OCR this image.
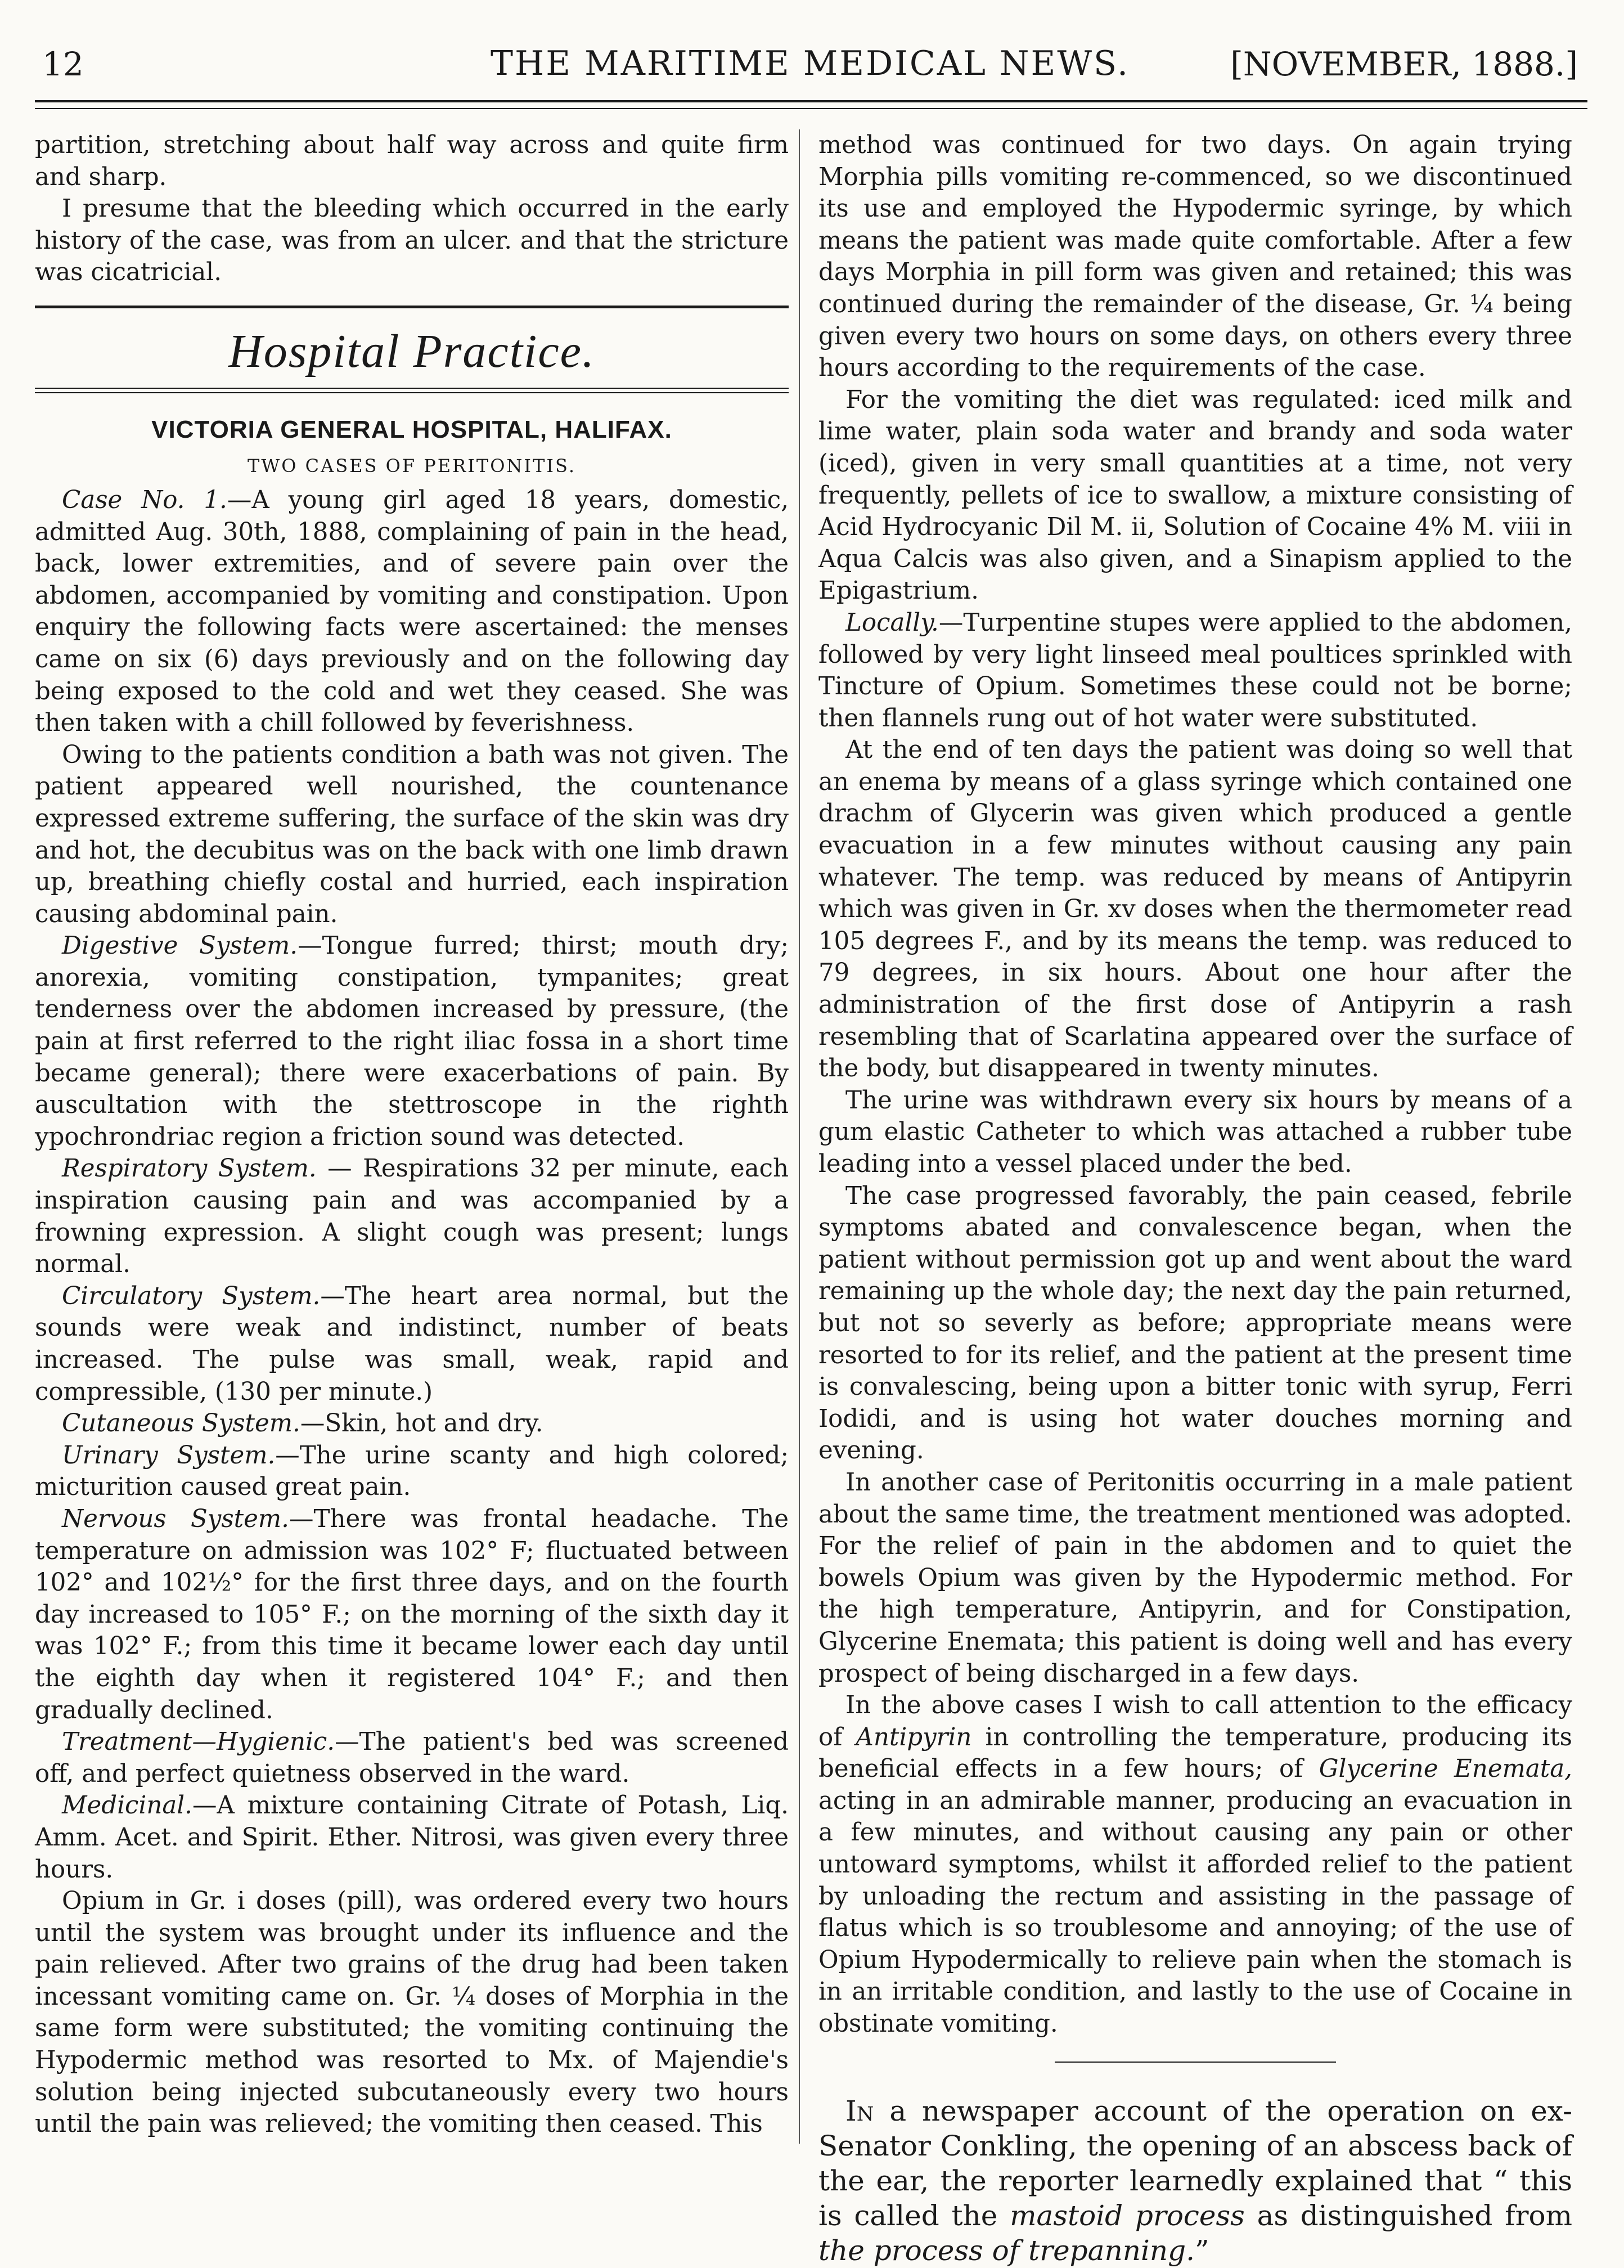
12	THE MARITIME MEDICAL NEWS.	[NOVEMBER, 1888.]

partition, stretching about half way across and quite firm and sharp.

I presume that the bleeding which occurred in the early history of the case, was from an ulcer. and that the stricture was cicatricial.

Hospital Practice.
VICTORIA GENERAL HOSPITAL, HALIFAX.
TWO CASES OF PERITONITIS.

Case No. 1.—A young girl aged 18 years, domestic, admitted Aug. 30th, 1888, complaining of pain in the head, back, lower extremities, and of severe pain over the abdomen, accompanied by vomiting and constipation. Upon enquiry the following facts were ascertained: the menses came on six (6) days previously and on the following day being exposed to the cold and wet they ceased. She was then taken with a chill followed by feverishness.

Owing to the patients condition a bath was not given. The patient appeared well nourished, the countenance expressed extreme suffering, the surface of the skin was dry and hot, the decubitus was on the back with one limb drawn up, breathing chiefly costal and hurried, each inspiration causing abdominal pain.

Digestive System.—Tongue furred; thirst; mouth dry; anorexia, vomiting constipation, tympanites; great tenderness over the abdomen increased by pressure, (the pain at first referred to the right iliac fossa in a short time became general); there were exacerbations of pain. By auscultation with the stettroscope in the righth ypochrondriac region a friction sound was detected.

Respiratory System. — Respirations 32 per minute, each inspiration causing pain and was accompanied by a frowning expression. A slight cough was present; lungs normal.

Circulatory System.—The heart area normal, but the sounds were weak and indistinct, number of beats increased. The pulse was small, weak, rapid and compressible, (130 per minute.)

Cutaneous System.—Skin, hot and dry.

Urinary System.—The urine scanty and high colored; micturition caused great pain.

Nervous System.—There was frontal headache. The temperature on admission was 102° F; fluctuated between 102° and 102½° for the first three days, and on the fourth day increased to 105° F.; on the morning of the sixth day it was 102° F.; from this time it became lower each day until the eighth day when it registered 104° F.; and then gradually declined.

Treatment—Hygienic.—The patient's bed was screened off, and perfect quietness observed in the ward.

Medicinal.—A mixture containing Citrate of Potash, Liq. Amm. Acet. and Spirit. Ether. Nitrosi, was given every three hours.

Opium in Gr. i doses (pill), was ordered every two hours until the system was brought under its influence and the pain relieved. After two grains of the drug had been taken incessant vomiting came on. Gr. ¼ doses of Morphia in the same form were substituted; the vomiting continuing the Hypodermic method was resorted to Mx. of Majendie's solution being injected subcutaneously every two hours until the pain was relieved; the vomiting then ceased. This

method was continued for two days. On again trying Morphia pills vomiting re-commenced, so we discontinued its use and employed the Hypodermic syringe, by which means the patient was made quite comfortable. After a few days Morphia in pill form was given and retained; this was continued during the remainder of the disease, Gr. ¼ being given every two hours on some days, on others every three hours according to the requirements of the case.

For the vomiting the diet was regulated: iced milk and lime water, plain soda water and brandy and soda water (iced), given in very small quantities at a time, not very frequently, pellets of ice to swallow, a mixture consisting of Acid Hydrocyanic Dil M. ii, Solution of Cocaine 4% M. viii in Aqua Calcis was also given, and a Sinapism applied to the Epigastrium.

Locally.—Turpentine stupes were applied to the abdomen, followed by very light linseed meal poultices sprinkled with Tincture of Opium. Sometimes these could not be borne; then flannels rung out of hot water were substituted.

At the end of ten days the patient was doing so well that an enema by means of a glass syringe which contained one drachm of Glycerin was given which produced a gentle evacuation in a few minutes without causing any pain whatever. The temp. was reduced by means of Antipyrin which was given in Gr. xv doses when the thermometer read 105 degrees F., and by its means the temp. was reduced to 79 degrees, in six hours. About one hour after the administration of the first dose of Antipyrin a rash resembling that of Scarlatina appeared over the surface of the body, but disappeared in twenty minutes.

The urine was withdrawn every six hours by means of a gum elastic Catheter to which was attached a rubber tube leading into a vessel placed under the bed.

The case progressed favorably, the pain ceased, febrile symptoms abated and convalescence began, when the patient without permission got up and went about the ward remaining up the whole day; the next day the pain returned, but not so severly as before; appropriate means were resorted to for its relief, and the patient at the present time is convalescing, being upon a bitter tonic with syrup, Ferri Iodidi, and is using hot water douches morning and evening.

In another case of Peritonitis occurring in a male patient about the same time, the treatment mentioned was adopted. For the relief of pain in the abdomen and to quiet the bowels Opium was given by the Hypodermic method. For the high temperature, Antipyrin, and for Constipation, Glycerine Enemata; this patient is doing well and has every prospect of being discharged in a few days.

In the above cases I wish to call attention to the efficacy of Antipyrin in controlling the temperature, producing its beneficial effects in a few hours; of Glycerine Enemata, acting in an admirable manner, producing an evacuation in a few minutes, and without causing any pain or other untoward symptoms, whilst it afforded relief to the patient by unloading the rectum and assisting in the passage of flatus which is so troublesome and annoying; of the use of Opium Hypodermically to relieve pain when the stomach is in an irritable condition, and lastly to the use of Cocaine in obstinate vomiting.

In a newspaper account of the operation on ex-Senator Conkling, the opening of an abscess back of the ear, the reporter learnedly explained that “ this is called the mastoid process as distinguished from the process of trepanning.”
